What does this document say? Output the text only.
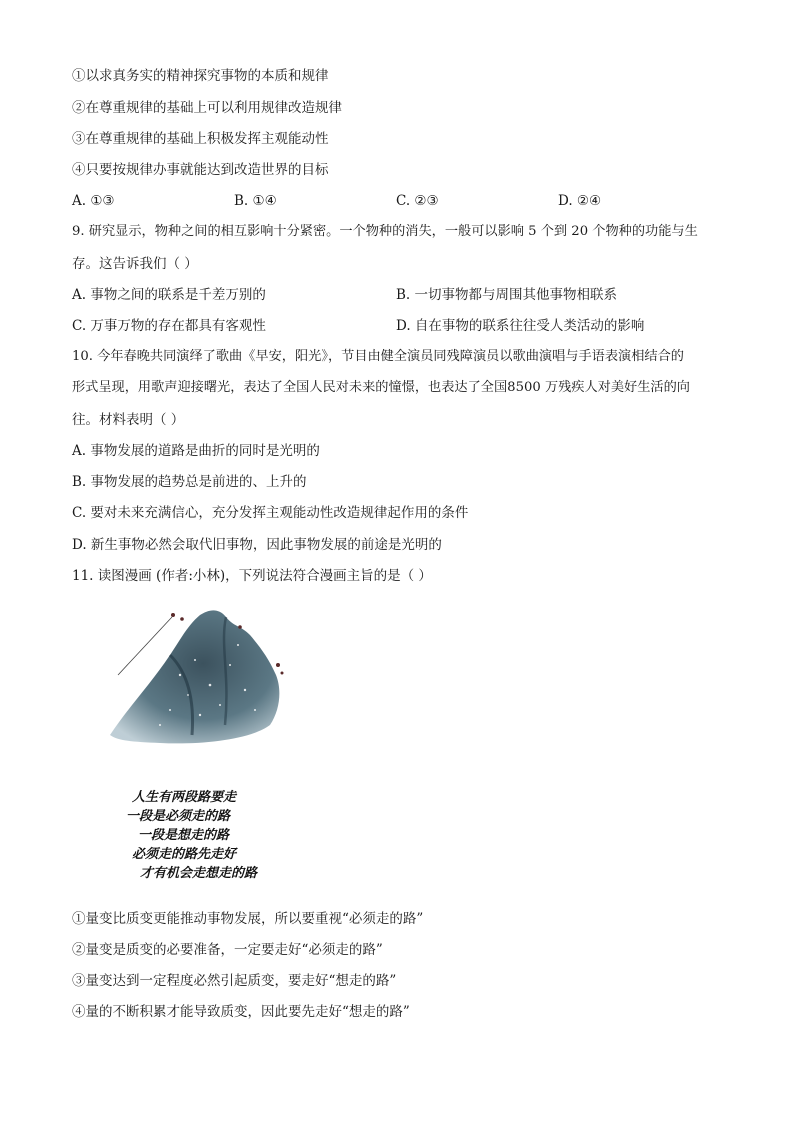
①以求真务实的精神探究事物的本质和规律
②在尊重规律的基础上可以利用规律改造规律
③在尊重规律的基础上积极发挥主观能动性
④只要按规律办事就能达到改造世界的目标
A. ①③	B. ①④	C. ②③	D. ②④
9. 研究显示，物种之间的相互影响十分紧密。一个物种的消失，一般可以影响 5 个到 20 个物种的功能与生
存。这告诉我们（ ）
A. 事物之间的联系是千差万别的	B. 一切事物都与周围其他事物相联系
C. 万事万物的存在都具有客观性	D. 自在事物的联系往往受人类活动的影响
10. 今年春晚共同演绎了歌曲《早安，阳光》，节目由健全演员同残障演员以歌曲演唱与手语表演相结合的
形式呈现，用歌声迎接曙光，表达了全国人民对未来的憧憬，也表达了全国8500 万残疾人对美好生活的向
往。材料表明（ ）
A. 事物发展的道路是曲折的同时是光明的
B. 事物发展的趋势总是前进的、上升的
C. 要对未来充满信心，充分发挥主观能动性改造规律起作用的条件
D. 新生事物必然会取代旧事物，因此事物发展的前途是光明的
11. 读图漫画 (作者:小林)，下列说法符合漫画主旨的是（ ）
人生有两段路要走
一段是必须走的路
一段是想走的路
必须走的路先走好
才有机会走想走的路
①量变比质变更能推动事物发展，所以要重视“必须走的路”
②量变是质变的必要准备，一定要走好“必须走的路”
③量变达到一定程度必然引起质变，要走好“想走的路”
④量的不断积累才能导致质变，因此要先走好“想走的路”
